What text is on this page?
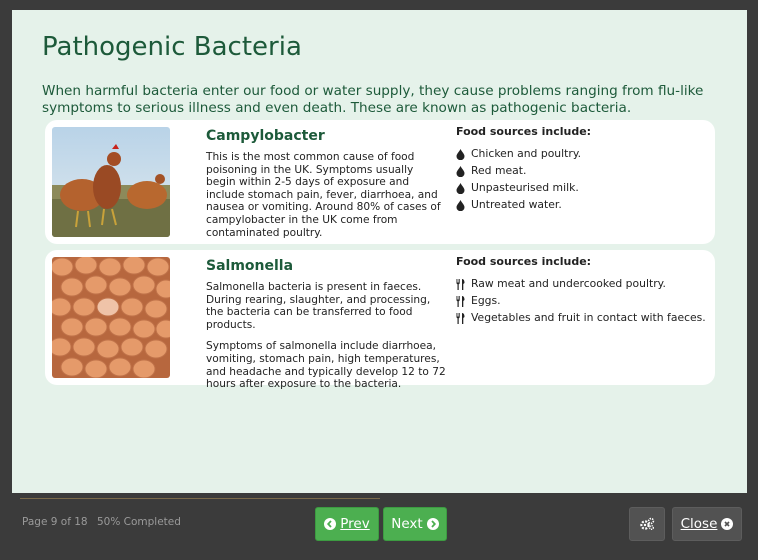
Pathogenic Bacteria

When harmful bacteria enter our food or water supply, they cause problems ranging from flu-like symptoms to serious illness and even death. These are known as pathogenic bacteria.

Campylobacter

This is the most common cause of food poisoning in the UK. Symptoms usually begin within 2-5 days of exposure and include stomach pain, fever, diarrhoea, and nausea or vomiting. Around 80% of cases of campylobacter in the UK come from contaminated poultry.

Food sources include:
Chicken and poultry.
Red meat.
Unpasteurised milk.
Untreated water.
Salmonella

Salmonella bacteria is present in faeces. During rearing, slaughter, and processing, the bacteria can be transferred to food products.

Symptoms of salmonella include diarrhoea, vomiting, stomach pain, high temperatures, and headache and typically develop 12 to 72 hours after exposure to the bacteria.

Food sources include:
Raw meat and undercooked poultry.
Eggs.
Vegetables and fruit in contact with faeces.
Page 9 of 18 50% Completed	Prev Next	Close
